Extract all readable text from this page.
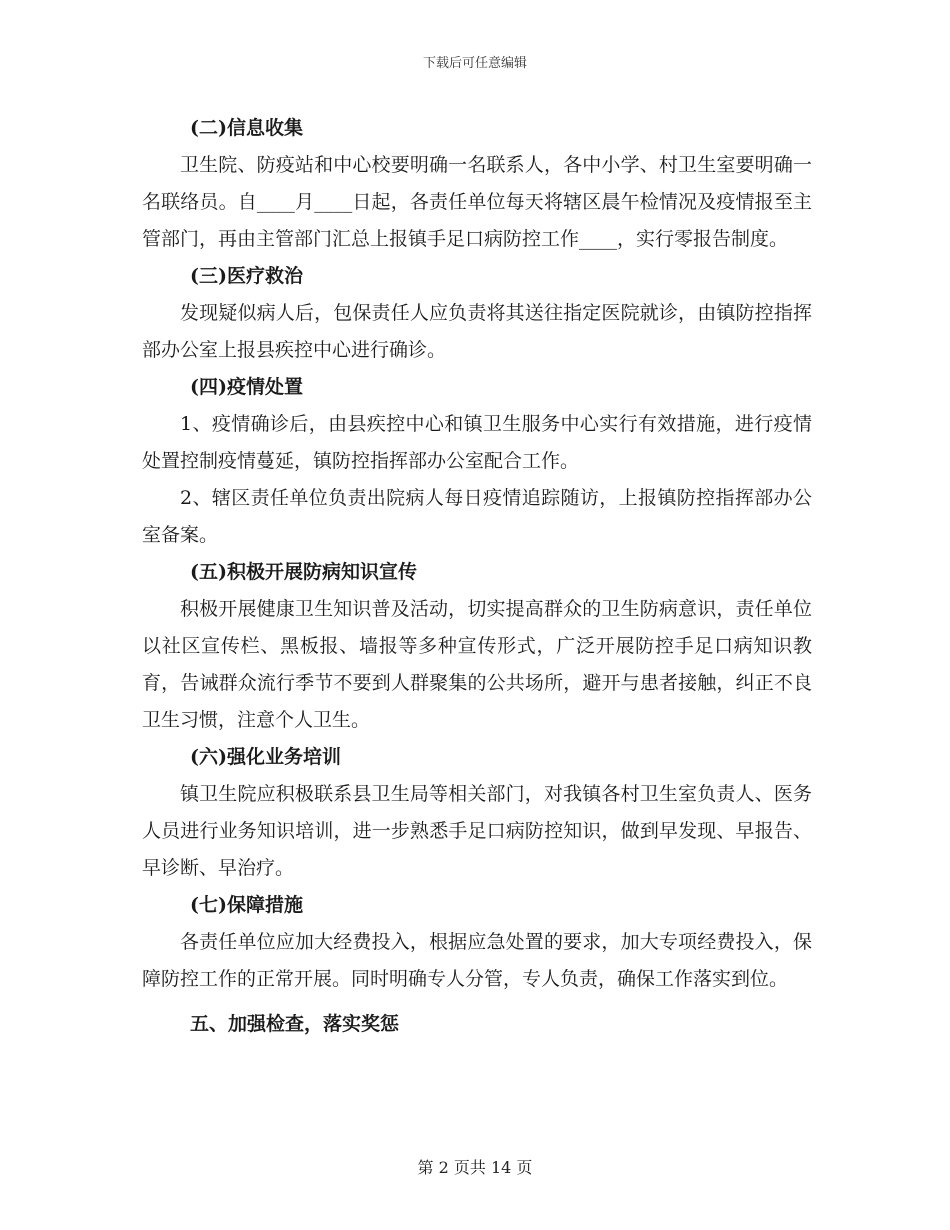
下载后可任意编辑
(二)信息收集

卫生院、防疫站和中心校要明确一名联系人，各中小学、村卫生室要明确一名联络员。自____月____日起，各责任单位每天将辖区晨午检情况及疫情报至主管部门，再由主管部门汇总上报镇手足口病防控工作____，实行零报告制度。

(三)医疗救治

发现疑似病人后，包保责任人应负责将其送往指定医院就诊，由镇防控指挥部办公室上报县疾控中心进行确诊。

(四)疫情处置

1、疫情确诊后，由县疾控中心和镇卫生服务中心实行有效措施，进行疫情处置控制疫情蔓延，镇防控指挥部办公室配合工作。

2、辖区责任单位负责出院病人每日疫情追踪随访，上报镇防控指挥部办公室备案。

(五)积极开展防病知识宣传

积极开展健康卫生知识普及活动，切实提高群众的卫生防病意识，责任单位以社区宣传栏、黑板报、墙报等多种宣传形式，广泛开展防控手足口病知识教育，告诫群众流行季节不要到人群聚集的公共场所，避开与患者接触，纠正不良卫生习惯，注意个人卫生。

(六)强化业务培训

镇卫生院应积极联系县卫生局等相关部门，对我镇各村卫生室负责人、医务人员进行业务知识培训，进一步熟悉手足口病防控知识，做到早发现、早报告、早诊断、早治疗。

(七)保障措施

各责任单位应加大经费投入，根据应急处置的要求，加大专项经费投入，保障防控工作的正常开展。同时明确专人分管，专人负责，确保工作落实到位。

五、加强检查，落实奖惩
第 2 页共 14 页
